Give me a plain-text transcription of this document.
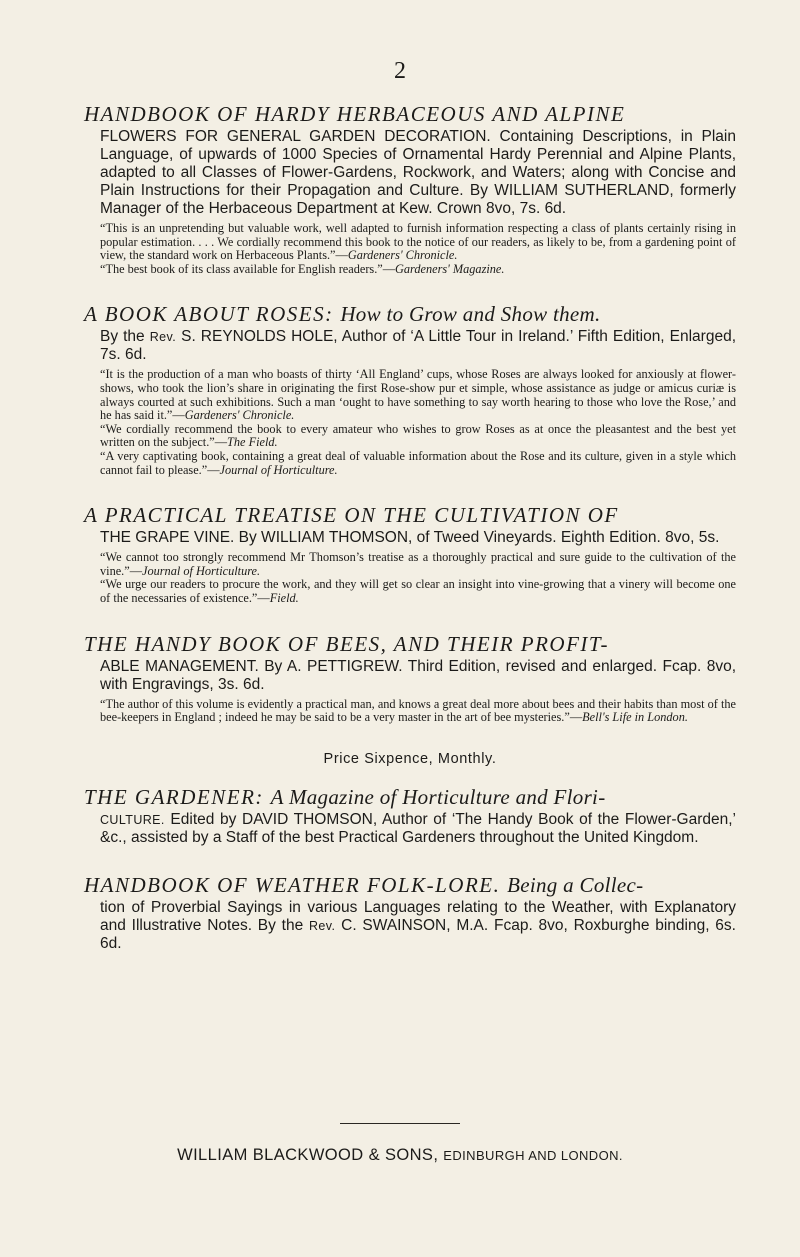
2
HANDBOOK OF HARDY HERBACEOUS AND ALPINE
FLOWERS FOR GENERAL GARDEN DECORATION. Containing Descriptions, in Plain Language, of upwards of 1000 Species of Ornamental Hardy Perennial and Alpine Plants, adapted to all Classes of Flower-Gardens, Rockwork, and Waters; along with Concise and Plain Instructions for their Propagation and Culture. By WILLIAM SUTHERLAND, formerly Manager of the Herbaceous Department at Kew. Crown 8vo, 7s. 6d.

“This is an unpretending but valuable work, well adapted to furnish information respecting a class of plants certainly rising in popular estimation. . . . We cordially recommend this book to the notice of our readers, as likely to be, from a gardening point of view, the standard work on Herbaceous Plants.”—Gardeners' Chronicle.

“The best book of its class available for English readers.”—Gardeners' Magazine.

A BOOK ABOUT ROSES: How to Grow and Show them.
By the Rev. S. REYNOLDS HOLE, Author of ‘A Little Tour in Ireland.’ Fifth Edition, Enlarged, 7s. 6d.

“It is the production of a man who boasts of thirty ‘All England’ cups, whose Roses are always looked for anxiously at flower-shows, who took the lion’s share in originating the first Rose-show pur et simple, whose assistance as judge or amicus curiæ is always courted at such exhibitions. Such a man ‘ought to have something to say worth hearing to those who love the Rose,’ and he has said it.”—Gardeners' Chronicle.

“We cordially recommend the book to every amateur who wishes to grow Roses as at once the pleasantest and the best yet written on the subject.”—The Field.

“A very captivating book, containing a great deal of valuable information about the Rose and its culture, given in a style which cannot fail to please.”—Journal of Horticulture.

A PRACTICAL TREATISE ON THE CULTIVATION OF
THE GRAPE VINE. By WILLIAM THOMSON, of Tweed Vineyards. Eighth Edition. 8vo, 5s.

“We cannot too strongly recommend Mr Thomson’s treatise as a thoroughly practical and sure guide to the cultivation of the vine.”—Journal of Horticulture.

“We urge our readers to procure the work, and they will get so clear an insight into vine-growing that a vinery will become one of the necessaries of existence.”—Field.

THE HANDY BOOK OF BEES, AND THEIR PROFIT-
ABLE MANAGEMENT. By A. PETTIGREW. Third Edition, revised and enlarged. Fcap. 8vo, with Engravings, 3s. 6d.

“The author of this volume is evidently a practical man, and knows a great deal more about bees and their habits than most of the bee-keepers in England ; indeed he may be said to be a very master in the art of bee mysteries.”—Bell's Life in London.

Price Sixpence, Monthly.
THE GARDENER: A Magazine of Horticulture and Flori-
CULTURE. Edited by DAVID THOMSON, Author of ‘The Handy Book of the Flower-Garden,’ &c., assisted by a Staff of the best Practical Gardeners throughout the United Kingdom.
HANDBOOK OF WEATHER FOLK-LORE. Being a Collec-
tion of Proverbial Sayings in various Languages relating to the Weather, with Explanatory and Illustrative Notes. By the Rev. C. SWAINSON, M.A. Fcap. 8vo, Roxburghe binding, 6s. 6d.
WILLIAM BLACKWOOD & SONS, EDINBURGH AND LONDON.
